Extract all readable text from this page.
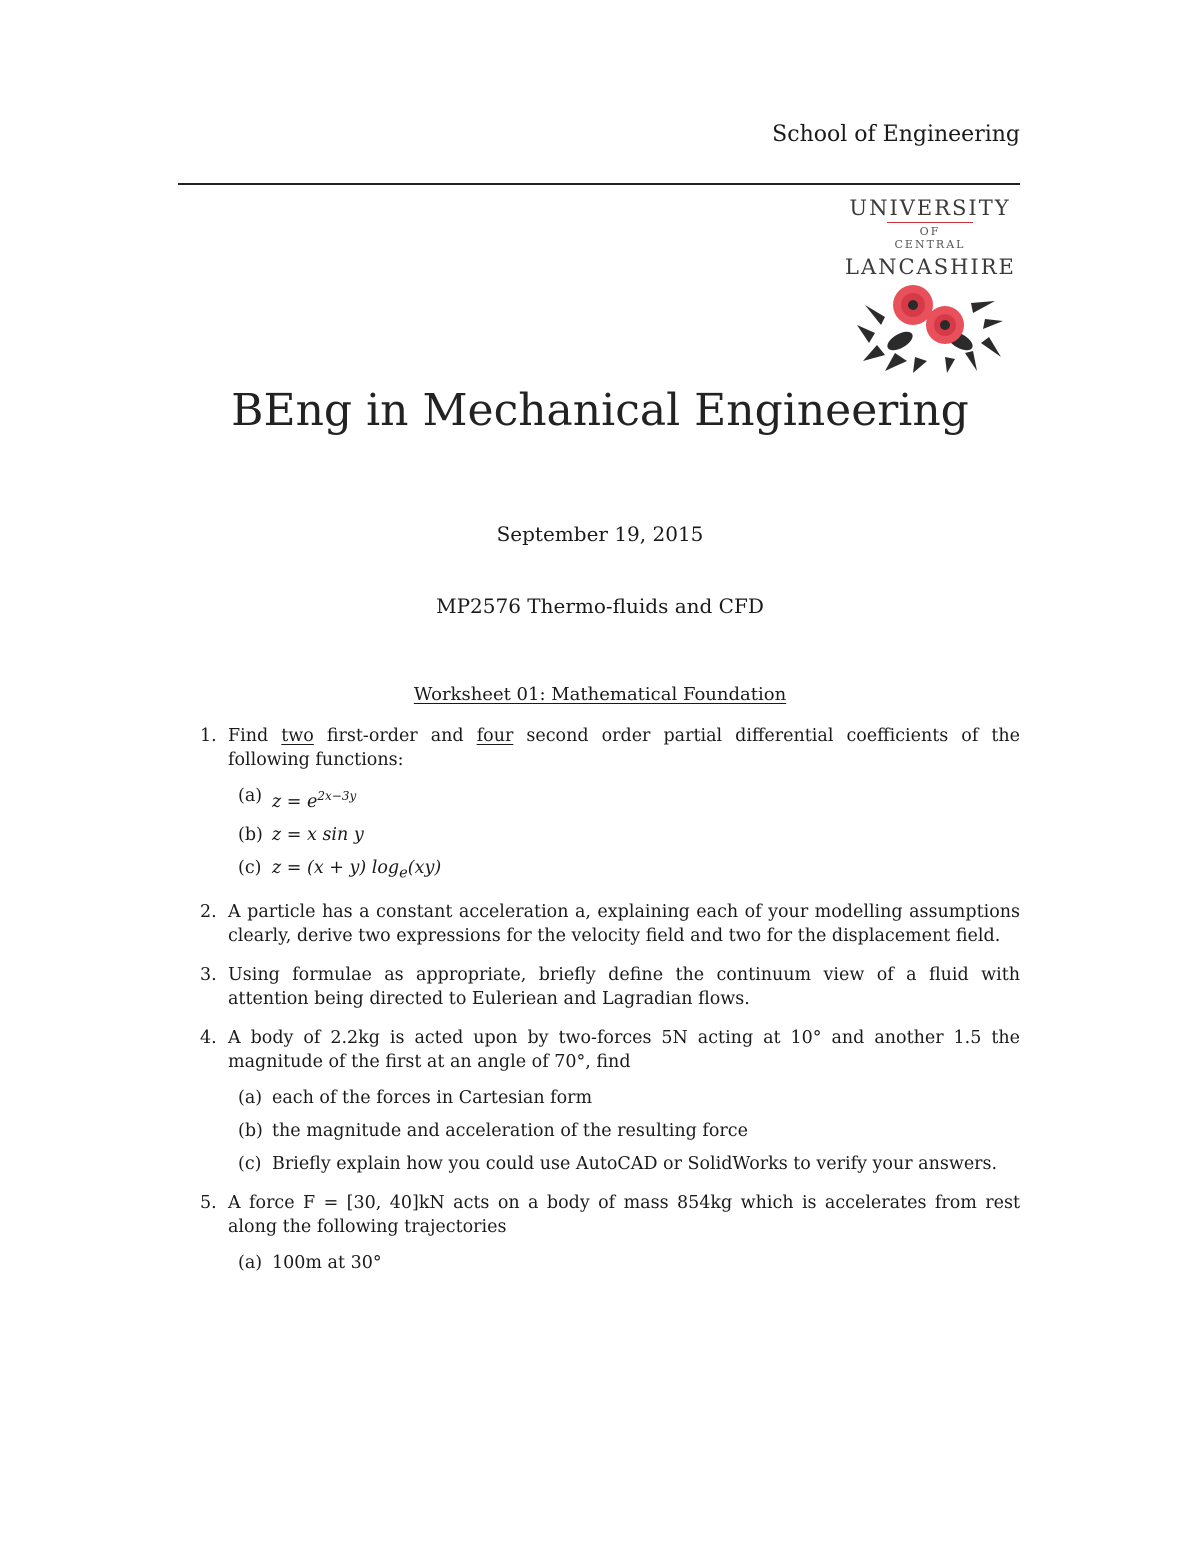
School of Engineering
UNIVERSITY
OF CENTRAL
LANCASHIRE
BEng in Mechanical Engineering
September 19, 2015
MP2576 Thermo-fluids and CFD
Worksheet 01: Mathematical Foundation
1. Find two first-order and four second order partial differential coefficients of the following functions:
(a) $z = e^{2x-3y}$
(b) z = x sin y
(c) z = (x + y) $\log_e(xy)$
2. A particle has a constant acceleration a, explaining each of your modelling assumptions clearly, derive two expressions for the velocity field and two for the displacement field.
3. Using formulae as appropriate, briefly define the continuum view of a fluid with attention being directed to Euleriean and Lagradian flows.
4. A body of 2.2kg is acted upon by two-forces 5N acting at 10° and another 1.5 the magnitude of the first at an angle of 70°, find
(a) each of the forces in Cartesian form
(b) the magnitude and acceleration of the resulting force
(c) Briefly explain how you could use AutoCAD or SolidWorks to verify your answers.
5. A force F = [30, 40]kN acts on a body of mass 854kg which is accelerates from rest along the following trajectories
(a) 100m at 30°
